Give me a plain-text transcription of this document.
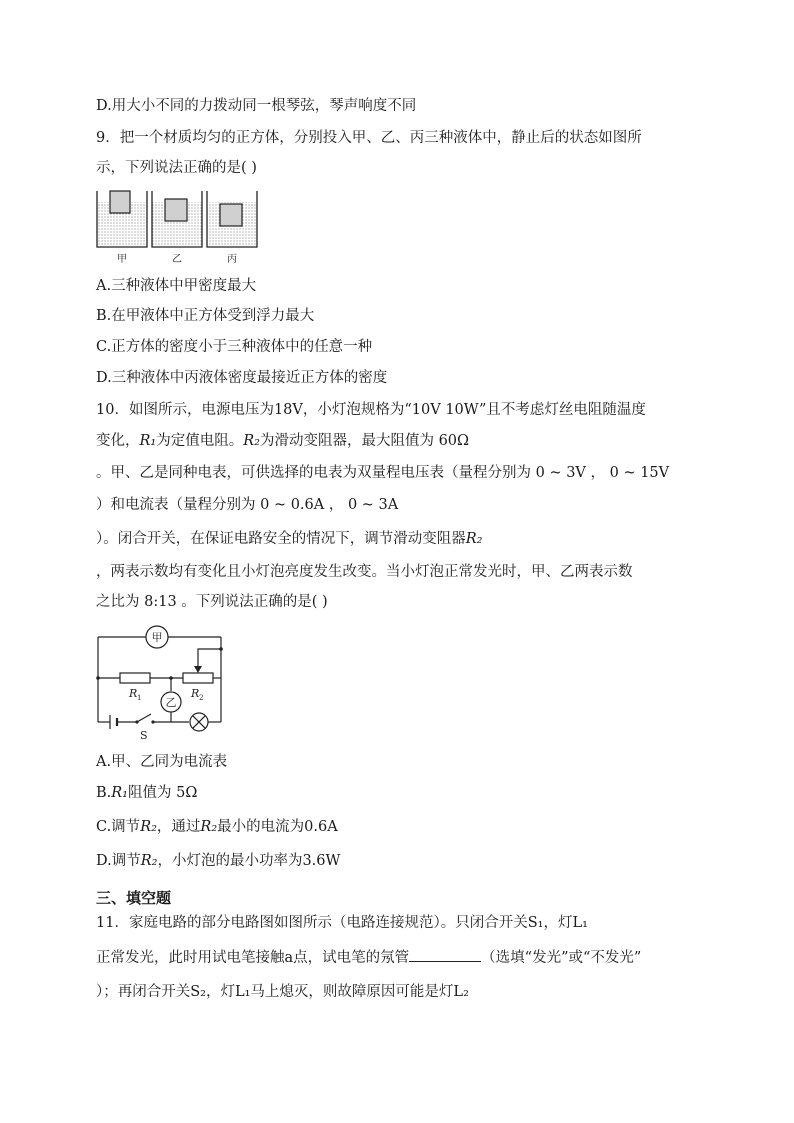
D.用大小不同的力拨动同一根琴弦，琴声响度不同
9．把一个材质均匀的正方体，分别投入甲、乙、丙三种液体中，静止后的状态如图所
示，下列说法正确的是( )
甲	乙	丙
A.三种液体中甲密度最大
B.在甲液体中正方体受到浮力最大
C.正方体的密度小于三种液体中的任意一种
D.三种液体中丙液体密度最接近正方体的密度
10．如图所示，电源电压为18V，小灯泡规格为“10V 10W”且不考虑灯丝电阻随温度
变化，R₁为定值电阻。R₂为滑动变阻器，最大阻值为 60Ω
。甲、乙是同种电表，可供选择的电表为双量程电压表（量程分别为 0 ~ 3V ， 0 ~ 15V
）和电流表（量程分别为 0 ~ 0.6A ， 0 ~ 3A
）。闭合开关，在保证电路安全的情况下，调节滑动变阻器R₂
，两表示数均有变化且小灯泡亮度发生改变。当小灯泡正常发光时，甲、乙两表示数
之比为 8:13 。下列说法正确的是( )
甲
乙
R 1	R 2
S
A.甲、乙同为电流表
B.R₁阻值为 5Ω
C.调节R₂，通过R₂最小的电流为0.6A
D.调节R₂，小灯泡的最小功率为3.6W
三、填空题
11．家庭电路的部分电路图如图所示（电路连接规范）。只闭合开关S₁，灯L₁
正常发光，此时用试电笔接触a点，试电笔的氖管	（选填“发光”或“不发光”
）；再闭合开关S₂，灯L₁马上熄灭，则故障原因可能是灯L₂
